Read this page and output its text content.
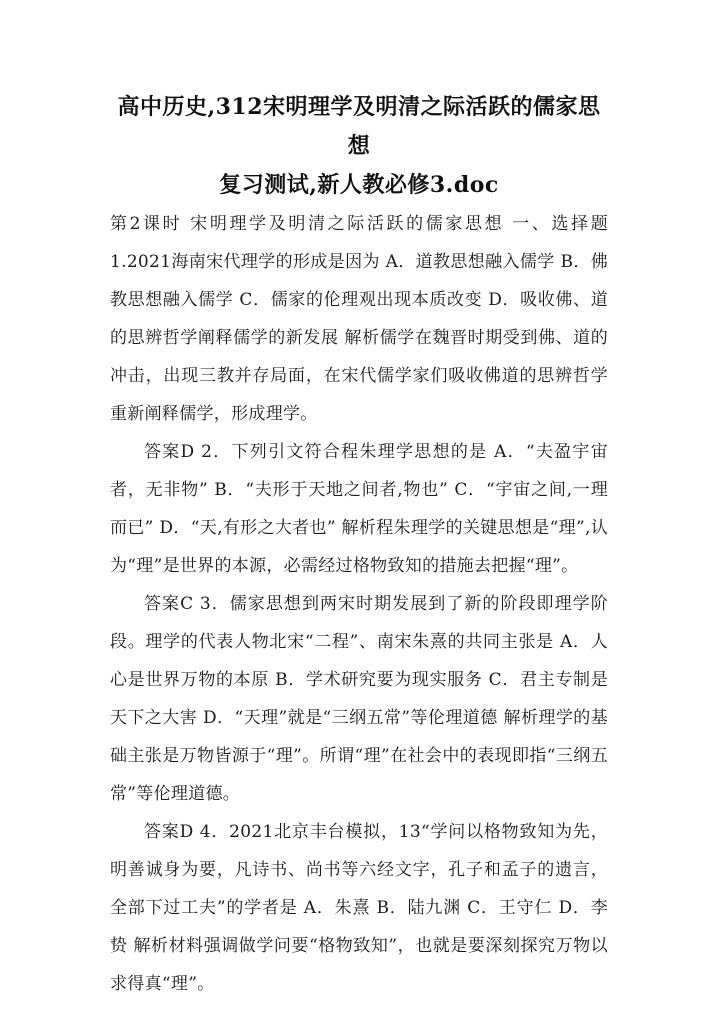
高中历史,312宋明理学及明清之际活跃的儒家思想
复习测试,新人教必修3.doc

第2课时 宋明理学及明清之际活跃的儒家思想 一、选择题 1.2021海南宋代理学的形成是因为 A．道教思想融入儒学 B．佛教思想融入儒学 C．儒家的伦理观出现本质改变 D．吸收佛、道的思辨哲学阐释儒学的新发展 解析儒学在魏晋时期受到佛、道的冲击，出现三教并存局面，在宋代儒学家们吸收佛道的思辨哲学重新阐释儒学，形成理学。

答案D 2．下列引文符合程朱理学思想的是 A．“夫盈宇宙者，无非物” B．“夫形于天地之间者,物也” C．“宇宙之间,一理而已” D．“天,有形之大者也” 解析程朱理学的关键思想是“理”,认为“理”是世界的本源，必需经过格物致知的措施去把握“理”。

答案C 3．儒家思想到两宋时期发展到了新的阶段即理学阶段。理学的代表人物北宋“二程”、南宋朱熹的共同主张是 A．人心是世界万物的本原 B．学术研究要为现实服务 C．君主专制是天下之大害 D．“天理”就是“三纲五常”等伦理道德 解析理学的基础主张是万物皆源于“理”。所谓“理”在社会中的表现即指“三纲五常”等伦理道德。

答案D 4．2021北京丰台模拟，13“学问以格物致知为先，明善诚身为要，凡诗书、尚书等六经文字，孔子和孟子的遗言，全部下过工夫”的学者是 A．朱熹 B．陆九渊 C．王守仁 D．李贽 解析材料强调做学问要“格物致知”，也就是要深刻探究万物以求得真“理”。
